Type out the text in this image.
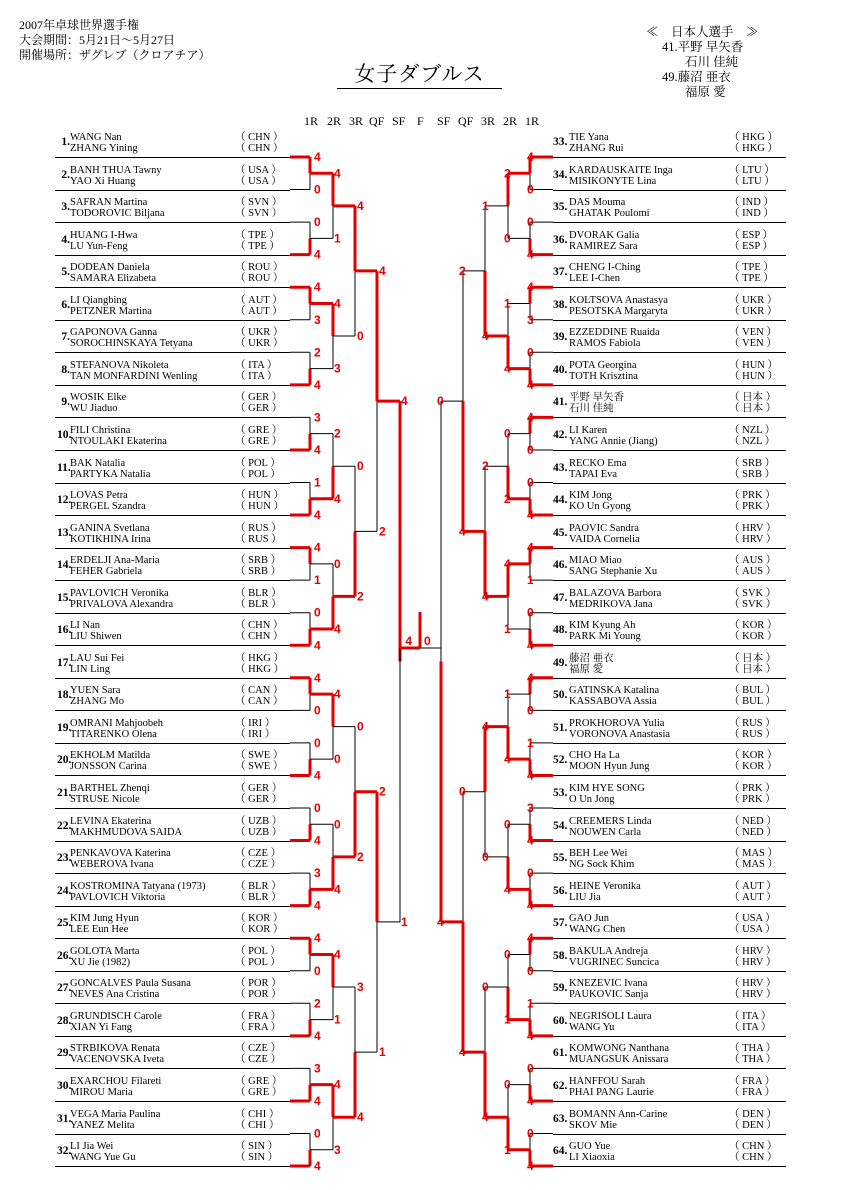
2007年卓球世界選手権
大会期間：5月21日～5月27日
開催場所：ザグレブ（クロアチア）
≪　日本人選手　≫
41.平野 早矢香
石川 佳純
49.藤沼 亜衣
福原 愛
女子ダブルス
1R 2R 3R QF SF F SF QF 3R 2R 1R
1. WANG Nan
ZHANG Yining
（ CHN ）
（ CHN ）
2. BANH THUA Tawny
YAO Xi Huang
（ USA ）
（ USA ）
3. SAFRAN Martina
TODOROVIC Biljana
（ SVN ）
（ SVN ）
4. HUANG I-Hwa
LU Yun-Feng
（ TPE ）
（ TPE ）
5. DODEAN Daniela
SAMARA Elizabeta
（ ROU ）
（ ROU ）
6. LI Qiangbing
PETZNER Martina
（ AUT ）
（ AUT ）
7. GAPONOVA Ganna
SOROCHINSKAYA Tetyana
（ UKR ）
（ UKR ）
8. STEFANOVA Nikoleta
TAN MONFARDINI Wenling
（ ITA ）
（ ITA ）
9. WOSIK Elke
WU Jiaduo
（ GER ）
（ GER ）
10.
FILI Christina
NTOULAKI Ekaterina
（ GRE ）
（ GRE ）
11. BAK Natalia
PARTYKA Natalia
（ POL ）
（ POL ）
12.
LOVAS Petra
PERGEL Szandra
（ HUN ）
（ HUN ）
13.
GANINA Svetlana
KOTIKHINA Irina
（ RUS ）
（ RUS ）
14.
ERDELJI Ana-Maria
FEHER Gabriela
（ SRB ）
（ SRB ）
15.
PAVLOVICH Veronika
PRIVALOVA Alexandra
（ BLR ）
（ BLR ）
16.
LI Nan
LIU Shiwen
（ CHN ）
（ CHN ）
17.
LAU Sui Fei
LIN Ling
（ HKG ）
（ HKG ）
18.
YUEN Sara
ZHANG Mo
（ CAN ）
（ CAN ）
19.
OMRANI Mahjoobeh
TITARENKO Olena
（ IRI ）
（ IRI ）
20.
EKHOLM Matilda
JONSSON Carina
（ SWE ）
（ SWE ）
21.
BARTHEL Zhenqi
STRUSE Nicole
（ GER ）
（ GER ）
22.
LEVINA Ekaterina
MAKHMUDOVA SAIDA
（ UZB ）
（ UZB ）
23.
PENKAVOVA Katerina
WEBEROVA Ivana
（ CZE ）
（ CZE ）
24.
KOSTROMINA Tatyana (1973)
PAVLOVICH Viktoria
（ BLR ）
（ BLR ）
25.
KIM Jung Hyun
LEE Eun Hee
（ KOR ）
（ KOR ）
26.
GOLOTA Marta
XU Jie (1982)
（ POL ）
（ POL ）
27.
GONCALVES Paula Susana
NEVES Ana Cristina
（ POR ）
（ POR ）
28.
GRUNDISCH Carole
XIAN Yi Fang
（ FRA ）
（ FRA ）
29.
STRBIKOVA Renata
VACENOVSKA Iveta
（ CZE ）
（ CZE ）
30.
EXARCHOU Filareti
MIROU Maria
（ GRE ）
（ GRE ）
31.
VEGA Maria Paulina
YANEZ Melita
（ CHI ）
（ CHI ）
32.
LI Jia Wei
WANG Yue Gu
（ SIN ）
（ SIN ）
33. TIE Yana
ZHANG Rui
（ HKG ）
（ HKG ）
34. KARDAUSKAITE Inga
MISIKONYTE Lina
（ LTU ）
（ LTU ）
35. DAS Mouma
GHATAK Poulomi
（ IND ）
（ IND ）
36. DVORAK Galia
RAMIREZ Sara
（ ESP ）
（ ESP ）
37. CHENG I-Ching
LEE I-Chen
（ TPE ）
（ TPE ）
38. KOLTSOVA Anastasya
PESOTSKA Margaryta
（ UKR ）
（ UKR ）
39. EZZEDDINE Ruaida
RAMOS Fabiola
（ VEN ）
（ VEN ）
40. POTA Georgina
TOTH Krisztina
（ HUN ）
（ HUN ）
41. 平野 早矢香
石川 佳純
（ 日本 ）
（ 日本 ）
42. LI Karen
YANG Annie (Jiang)
（ NZL ）
（ NZL ）
43. RECKO Ema
TAPAI Eva
（ SRB ）
（ SRB ）
44. KIM Jong
KO Un Gyong
（ PRK ）
（ PRK ）
45. PAOVIC Sandra
VAIDA Cornelia
（ HRV ）
（ HRV ）
46. MIAO Miao
SANG Stephanie Xu
（ AUS ）
（ AUS ）
47. BALAZOVA Barbora
MEDRIKOVA Jana
（ SVK ）
（ SVK ）
48. KIM Kyung Ah
PARK Mi Young
（ KOR ）
（ KOR ）
49. 藤沼 亜衣
福原 愛
（ 日本 ）
（ 日本 ）
50. GATINSKA Katalina
KASSABOVA Assia
（ BUL ）
（ BUL ）
51. PROKHOROVA Yulia
VORONOVA Anastasia
（ RUS ）
（ RUS ）
52. CHO Ha La
MOON Hyun Jung
（ KOR ）
（ KOR ）
53. KIM HYE SONG
O Un Jong
（ PRK ）
（ PRK ）
54. CREEMERS Linda
NOUWEN Carla
（ NED ）
（ NED ）
55. BEH Lee Wei
NG Sock Khim
（ MAS ）
（ MAS ）
56. HEINE Veronika
LIU Jia
（ AUT ）
（ AUT ）
57. GAO Jun
WANG Chen
（ USA ）
（ USA ）
58. BAKULA Andreja
VUGRINEC Suncica
（ HRV ）
（ HRV ）
59. KNEZEVIC Ivana
PAUKOVIC Sanja
（ HRV ）
（ HRV ）
60. NEGRISOLI Laura
WANG Yu
（ ITA ）
（ ITA ）
61. KOMWONG Nanthana
MUANGSUK Anissara
（ THA ）
（ THA ）
62. HANFFOU Sarah
PHAI PANG Laurie
（ FRA ）
（ FRA ）
63. BOMANN Ann-Carine
SKOV Mie
（ DEN ）
（ DEN ）
64. GUO Yue
LI Xiaoxia
（ CHN ）
（ CHN ）
4
0
0
4
4
3
2
4
3
4
1
4
4
1
0
4
4
0
0
4
0
4
3
4
4
0
2
4
3
4
0
4
4
1
4
3
2
4
0
4
4
0
0
4
4
1
4
3
4
0
0
2
0
2
3
4
4
2
2
1
4
1
4
0
0
4
4
3
0
4
4
0
0
4
4
1
0
4
4
0
1
4
3
4
0
4
4
0
1
4
0
4
0
4
2
0
1
4
0
2
4
1
1
4
0
4
0
1
0
1
1
4
2
4
4
0
0
4
2
4
0
4
0
4
4 0
